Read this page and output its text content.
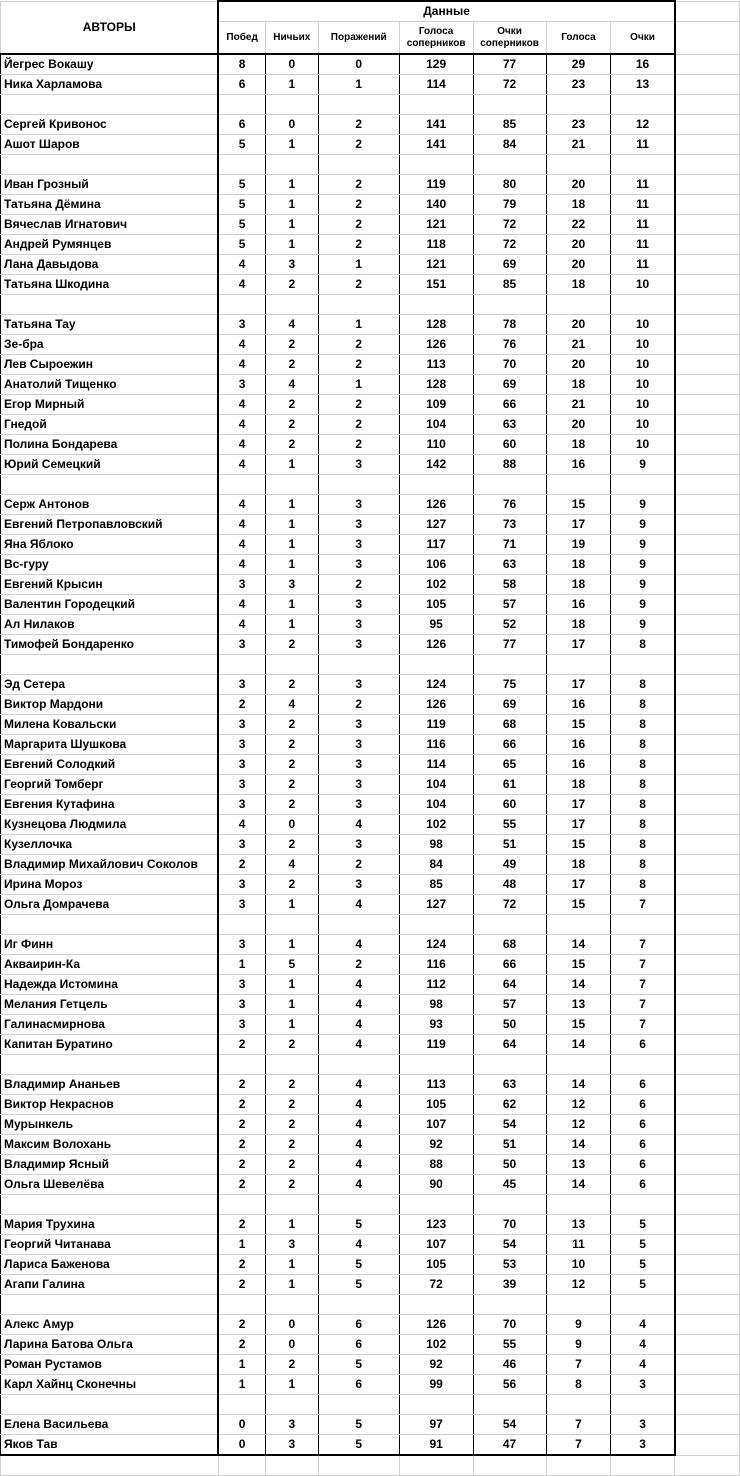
АВТОРЫ	Данные							
	Побед	Ничьих	Поражений	Голоса соперников	Очки соперников	Голоса	Очки	
Йегрес Вокашу	8	0	0	129	77	29	16	
Ника Харламова	6	1	1	114	72	23	13	

Сергей Кривонос	6	0	2	141	85	23	12	
Ашот Шаров	5	1	2	141	84	21	11	

Иван Грозный	5	1	2	119	80	20	11	
Татьяна Дёмина	5	1	2	140	79	18	11	
Вячеслав Игнатович	5	1	2	121	72	22	11	
Андрей Румянцев	5	1	2	118	72	20	11	
Лана Давыдова	4	3	1	121	69	20	11	
Татьяна Шкодина	4	2	2	151	85	18	10	

Татьяна Тау	3	4	1	128	78	20	10	
Зе-бра	4	2	2	126	76	21	10	
Лев Сыроежин	4	2	2	113	70	20	10	
Анатолий Тищенко	3	4	1	128	69	18	10	
Егор Мирный	4	2	2	109	66	21	10	
Гнедой	4	2	2	104	63	20	10	
Полина Бондарева	4	2	2	110	60	18	10	
Юрий Семецкий	4	1	3	142	88	16	9	

Серж Антонов	4	1	3	126	76	15	9	
Евгений Петропавловский	4	1	3	127	73	17	9	
Яна Яблоко	4	1	3	117	71	19	9	
Вс-гуру	4	1	3	106	63	18	9	
Евгений Крысин	3	3	2	102	58	18	9	
Валентин Городецкий	4	1	3	105	57	16	9	
Ал Нилаков	4	1	3	95	52	18	9	
Тимофей Бондаренко	3	2	3	126	77	17	8	

Эд Сетера	3	2	3	124	75	17	8	
Виктор Мардони	2	4	2	126	69	16	8	
Милена Ковальски	3	2	3	119	68	15	8	
Маргарита Шушкова	3	2	3	116	66	16	8	
Евгений Солодкий	3	2	3	114	65	16	8	
Георгий Томберг	3	2	3	104	61	18	8	
Евгения Кутафина	3	2	3	104	60	17	8	
Кузнецова Людмила	4	0	4	102	55	17	8	
Кузеллочка	3	2	3	98	51	15	8	
Владимир Михайлович Соколов	2	4	2	84	49	18	8	
Ирина Мороз	3	2	3	85	48	17	8	
Ольга Домрачева	3	1	4	127	72	15	7	

Иг Финн	3	1	4	124	68	14	7	
Акваирин-Ка	1	5	2	116	66	15	7	
Надежда Истомина	3	1	4	112	64	14	7	
Мелания Гетцель	3	1	4	98	57	13	7	
Галинасмирнова	3	1	4	93	50	15	7	
Капитан Буратино	2	2	4	119	64	14	6	

Владимир Ананьев	2	2	4	113	63	14	6	
Виктор Некраснов	2	2	4	105	62	12	6	
Мурынкель	2	2	4	107	54	12	6	
Максим Волохань	2	2	4	92	51	14	6	
Владимир Ясный	2	2	4	88	50	13	6	
Ольга Шевелёва	2	2	4	90	45	14	6	

Мария Трухина	2	1	5	123	70	13	5	
Георгий Читанава	1	3	4	107	54	11	5	
Лариса Баженова	2	1	5	105	53	10	5	
Агапи Галина	2	1	5	72	39	12	5	

Алекс Амур	2	0	6	126	70	9	4	
Ларина Батова Ольга	2	0	6	102	55	9	4	
Роман Рустамов	1	2	5	92	46	7	4	
Карл Хайнц Сконечны	1	1	6	99	56	8	3	

Елена Васильева	0	3	5	97	54	7	3	
Яков Тав	0	3	5	91	47	7	3	
